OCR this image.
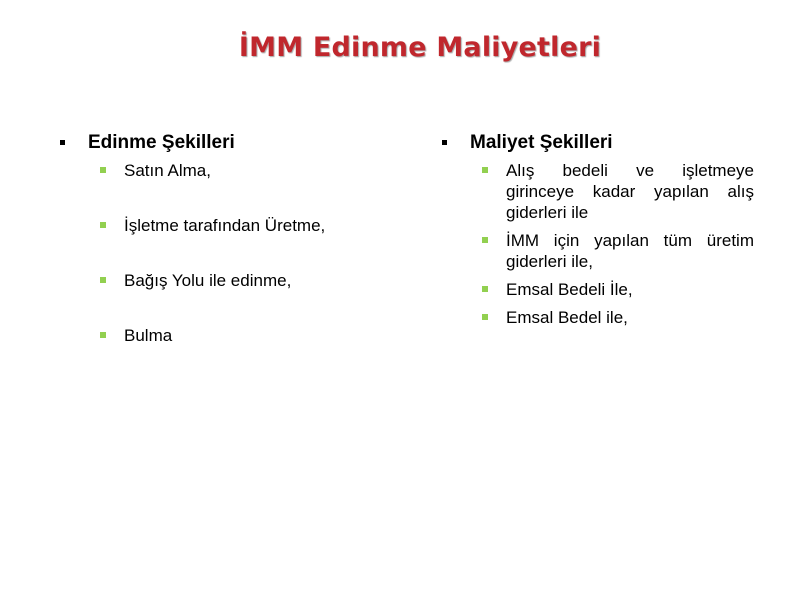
İMM Edinme Maliyetleri
Edinme Şekilleri
Satın Alma,
İşletme tarafından Üretme,
Bağış Yolu ile edinme,
Bulma
Maliyet Şekilleri
Alış bedeli ve işletmeye girinceye kadar yapılan alış giderleri ile
İMM için yapılan tüm üretim giderleri ile,
Emsal Bedeli İle,
Emsal Bedel ile,
